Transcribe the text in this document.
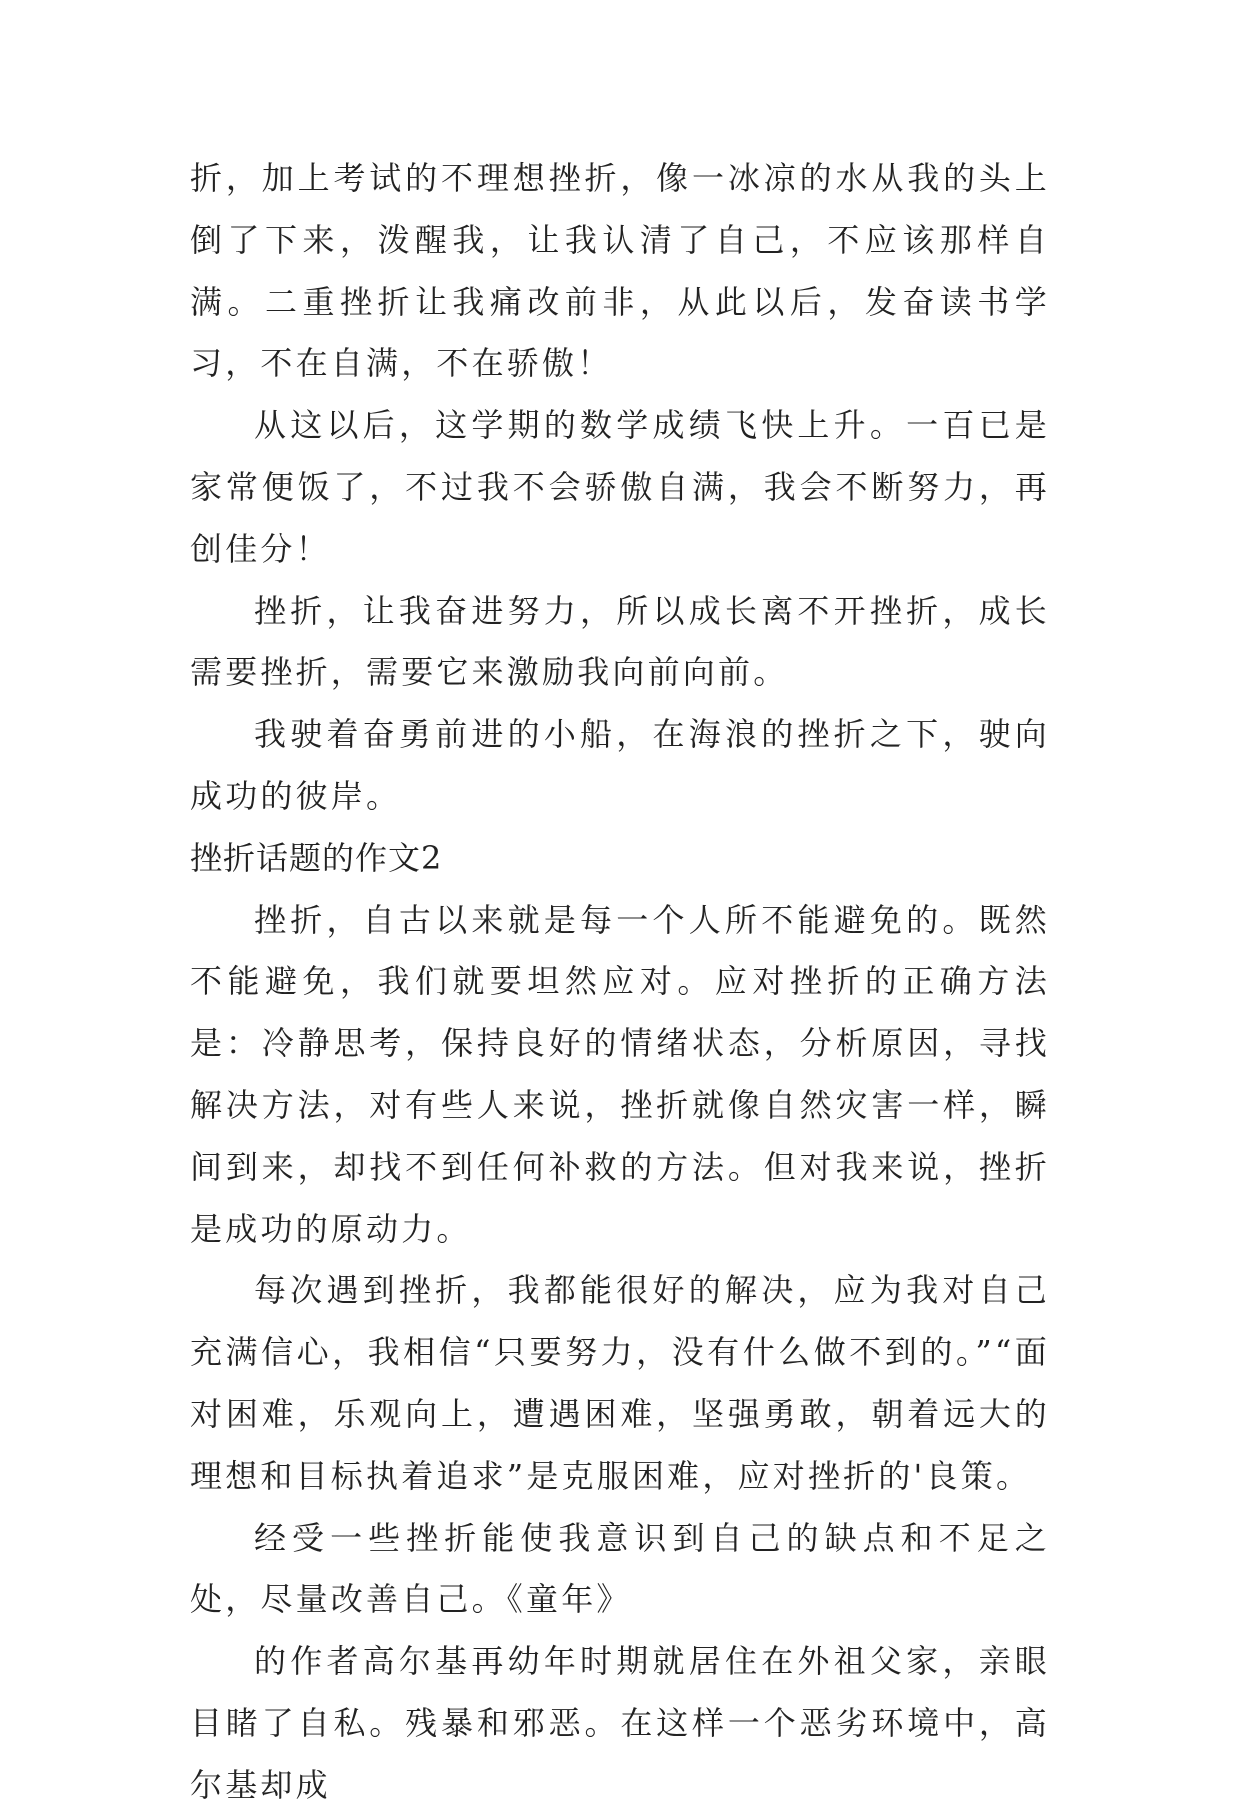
折，加上考试的不理想挫折，像一冰凉的水从我的头上倒了下来，泼醒我，让我认清了自己，不应该那样自满。二重挫折让我痛改前非，从此以后，发奋读书学习，不在自满，不在骄傲！

从这以后，这学期的数学成绩飞快上升。一百已是家常便饭了，不过我不会骄傲自满，我会不断努力，再创佳分！

挫折，让我奋进努力，所以成长离不开挫折，成长需要挫折，需要它来激励我向前向前。

我驶着奋勇前进的小船，在海浪的挫折之下，驶向成功的彼岸。

挫折话题的作文2

挫折，自古以来就是每一个人所不能避免的。既然不能避免，我们就要坦然应对。应对挫折的正确方法是：冷静思考，保持良好的情绪状态，分析原因，寻找解决方法，对有些人来说，挫折就像自然灾害一样，瞬间到来，却找不到任何补救的方法。但对我来说，挫折是成功的原动力。

每次遇到挫折，我都能很好的解决，应为我对自己充满信心，我相信“只要努力，没有什么做不到的。”“面对困难，乐观向上，遭遇困难，坚强勇敢，朝着远大的理想和目标执着追求”是克服困难，应对挫折的'良策。

经受一些挫折能使我意识到自己的缺点和不足之处，尽量改善自己。《童年》

的作者高尔基再幼年时期就居住在外祖父家，亲眼目睹了自私。残暴和邪恶。在这样一个恶劣环境中，高尔基却成
